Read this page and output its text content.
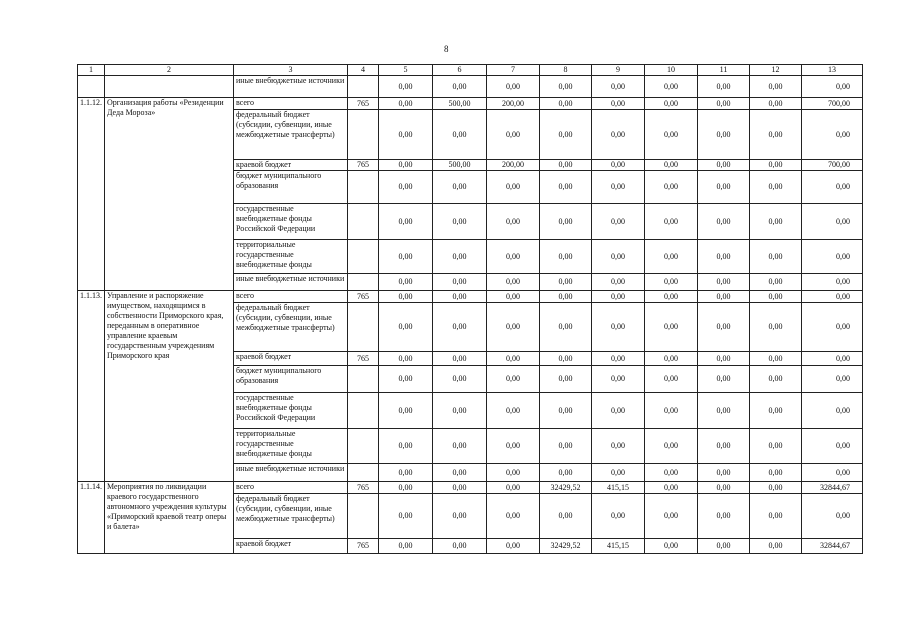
8
1	2	3	4	5	6	7	8	9	10	11	12	13
		иные внебюджетные источники		0,00	0,00	0,00	0,00	0,00	0,00	0,00	0,00	0,00
1.1.12.	Организация работы «Резиденции Деда Мороза»	всего	765	0,00	500,00	200,00	0,00	0,00	0,00	0,00	0,00	700,00
		федеральный бюджет (субсидии, субвенции, иные межбюджетные трансферты)		0,00	0,00	0,00	0,00	0,00	0,00	0,00	0,00	0,00
		краевой бюджет	765	0,00	500,00	200,00	0,00	0,00	0,00	0,00	0,00	700,00
		бюджет муниципального образования		0,00	0,00	0,00	0,00	0,00	0,00	0,00	0,00	0,00
		государственные внебюджетные фонды Российской Федерации		0,00	0,00	0,00	0,00	0,00	0,00	0,00	0,00	0,00
		территориальные государственные внебюджетные фонды		0,00	0,00	0,00	0,00	0,00	0,00	0,00	0,00	0,00
		иные внебюджетные источники		0,00	0,00	0,00	0,00	0,00	0,00	0,00	0,00	0,00
1.1.13.	Управление и распоряжение имуществом, находящимся в собственности Приморского края, переданным в оперативное управление краевым государственным учреждениям Приморского края	всего	765	0,00	0,00	0,00	0,00	0,00	0,00	0,00	0,00	0,00
		федеральный бюджет (субсидии, субвенции, иные межбюджетные трансферты)		0,00	0,00	0,00	0,00	0,00	0,00	0,00	0,00	0,00
		краевой бюджет	765	0,00	0,00	0,00	0,00	0,00	0,00	0,00	0,00	0,00
		бюджет муниципального образования		0,00	0,00	0,00	0,00	0,00	0,00	0,00	0,00	0,00
		государственные внебюджетные фонды Российской Федерации		0,00	0,00	0,00	0,00	0,00	0,00	0,00	0,00	0,00
		территориальные государственные внебюджетные фонды		0,00	0,00	0,00	0,00	0,00	0,00	0,00	0,00	0,00
		иные внебюджетные источники		0,00	0,00	0,00	0,00	0,00	0,00	0,00	0,00	0,00
1.1.14.	Мероприятия по ликвидации краевого государственного автономного учреждения культуры «Приморский краевой театр оперы и балета»	всего	765	0,00	0,00	0,00	32429,52	415,15	0,00	0,00	0,00	32844,67
		федеральный бюджет (субсидии, субвенции, иные межбюджетные трансферты)		0,00	0,00	0,00	0,00	0,00	0,00	0,00	0,00	0,00
		краевой бюджет	765	0,00	0,00	0,00	32429,52	415,15	0,00	0,00	0,00	32844,67
